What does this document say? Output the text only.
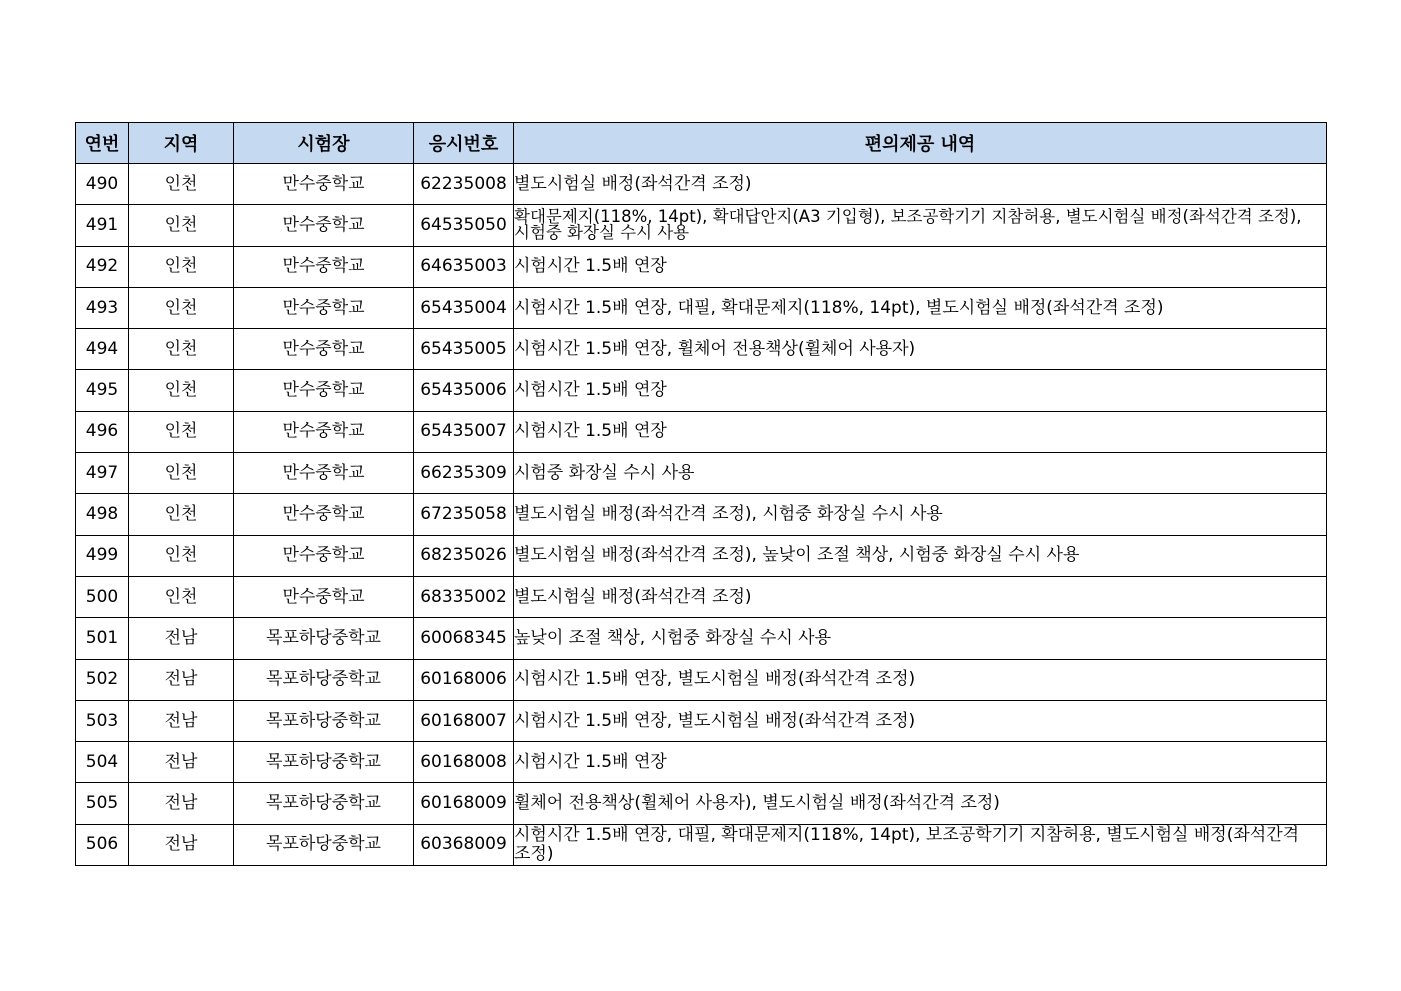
연번	지역	시험장	응시번호	편의제공 내역
490	인천	만수중학교	62235008	별도시험실 배정(좌석간격 조정)
491	인천	만수중학교	64535050	확대문제지(118%, 14pt), 확대답안지(A3 기입형), 보조공학기기 지참허용, 별도시험실 배정(좌석간격 조정), 시험중 화장실 수시 사용
492	인천	만수중학교	64635003	시험시간 1.5배 연장
493	인천	만수중학교	65435004	시험시간 1.5배 연장, 대필, 확대문제지(118%, 14pt), 별도시험실 배정(좌석간격 조정)
494	인천	만수중학교	65435005	시험시간 1.5배 연장, 휠체어 전용책상(휠체어 사용자)
495	인천	만수중학교	65435006	시험시간 1.5배 연장
496	인천	만수중학교	65435007	시험시간 1.5배 연장
497	인천	만수중학교	66235309	시험중 화장실 수시 사용
498	인천	만수중학교	67235058	별도시험실 배정(좌석간격 조정), 시험중 화장실 수시 사용
499	인천	만수중학교	68235026	별도시험실 배정(좌석간격 조정), 높낮이 조절 책상, 시험중 화장실 수시 사용
500	인천	만수중학교	68335002	별도시험실 배정(좌석간격 조정)
501	전남	목포하당중학교	60068345	높낮이 조절 책상, 시험중 화장실 수시 사용
502	전남	목포하당중학교	60168006	시험시간 1.5배 연장, 별도시험실 배정(좌석간격 조정)
503	전남	목포하당중학교	60168007	시험시간 1.5배 연장, 별도시험실 배정(좌석간격 조정)
504	전남	목포하당중학교	60168008	시험시간 1.5배 연장
505	전남	목포하당중학교	60168009	휠체어 전용책상(휠체어 사용자), 별도시험실 배정(좌석간격 조정)
506	전남	목포하당중학교	60368009	시험시간 1.5배 연장, 대필, 확대문제지(118%, 14pt), 보조공학기기 지참허용, 별도시험실 배정(좌석간격 조정)
